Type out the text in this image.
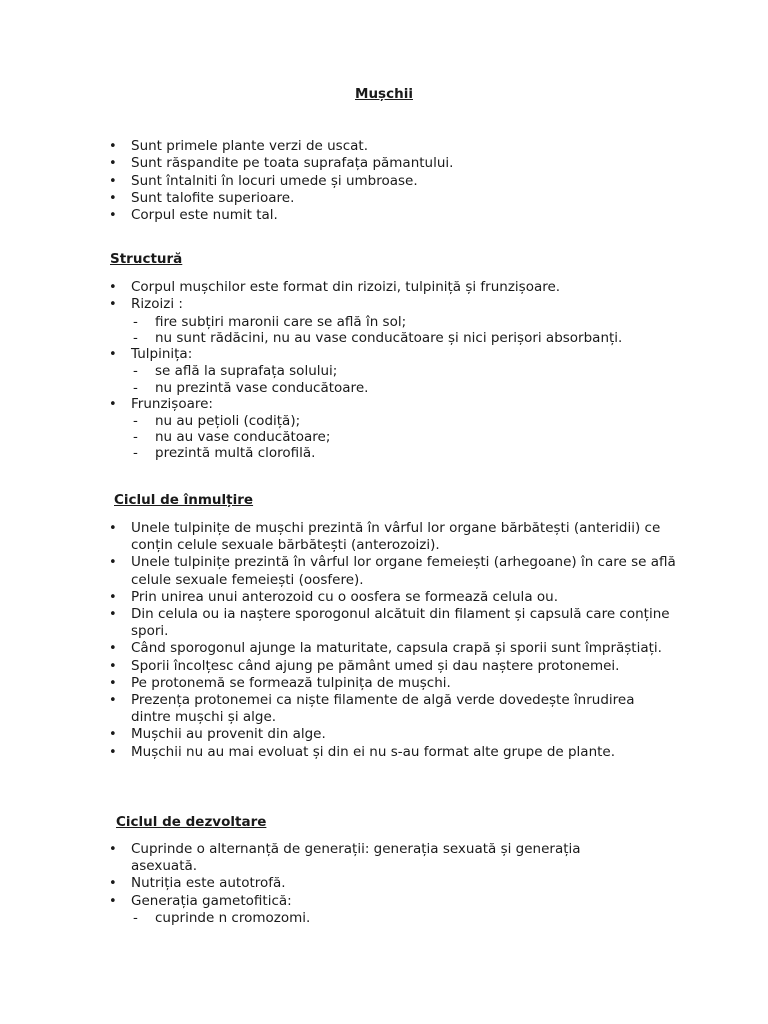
Mușchii
• Sunt primele plante verzi de uscat.
• Sunt răspandite pe toata suprafața pămantului.
• Sunt întalniti în locuri umede și umbroase.
• Sunt talofite superioare.
• Corpul este numit tal.
Structură
• Corpul mușchilor este format din rizoizi, tulpiniță și frunzișoare.
• Rizoizi :
- fire subțiri maronii care se află în sol;
- nu sunt rădăcini, nu au vase conducătoare și nici perișori absorbanți.
• Tulpinița:
- se află la suprafața solului;
- nu prezintă vase conducătoare.
• Frunzișoare:
- nu au pețioli (codiță);
- nu au vase conducătoare;
- prezintă multă clorofilă.
Ciclul de înmulțire
• Unele tulpinițe de mușchi prezintă în vârful lor organe bărbătești (anteridii) ce conțin celule sexuale bărbătești (anterozoizi).
• Unele tulpinițe prezintă în vârful lor organe femeiești (arhegoane) în care se află celule sexuale femeiești (oosfere).
• Prin unirea unui anterozoid cu o oosfera se formează celula ou.
• Din celula ou ia naștere sporogonul alcătuit din filament și capsulă care conține spori.
• Când sporogonul ajunge la maturitate, capsula crapă și sporii sunt împrăștiați.
• Sporii încolțesc când ajung pe pământ umed și dau naștere protonemei.
• Pe protonemă se formează tulpinița de mușchi.
• Prezența protonemei ca niște filamente de algă verde dovedește înrudirea dintre mușchi și alge.
• Mușchii au provenit din alge.
• Mușchii nu au mai evoluat și din ei nu s-au format alte grupe de plante.
Ciclul de dezvoltare
• Cuprinde o alternanță de generații: generația sexuată și generația asexuată.
• Nutriția este autotrofă.
• Generația gametofitică:
- cuprinde n cromozomi.
